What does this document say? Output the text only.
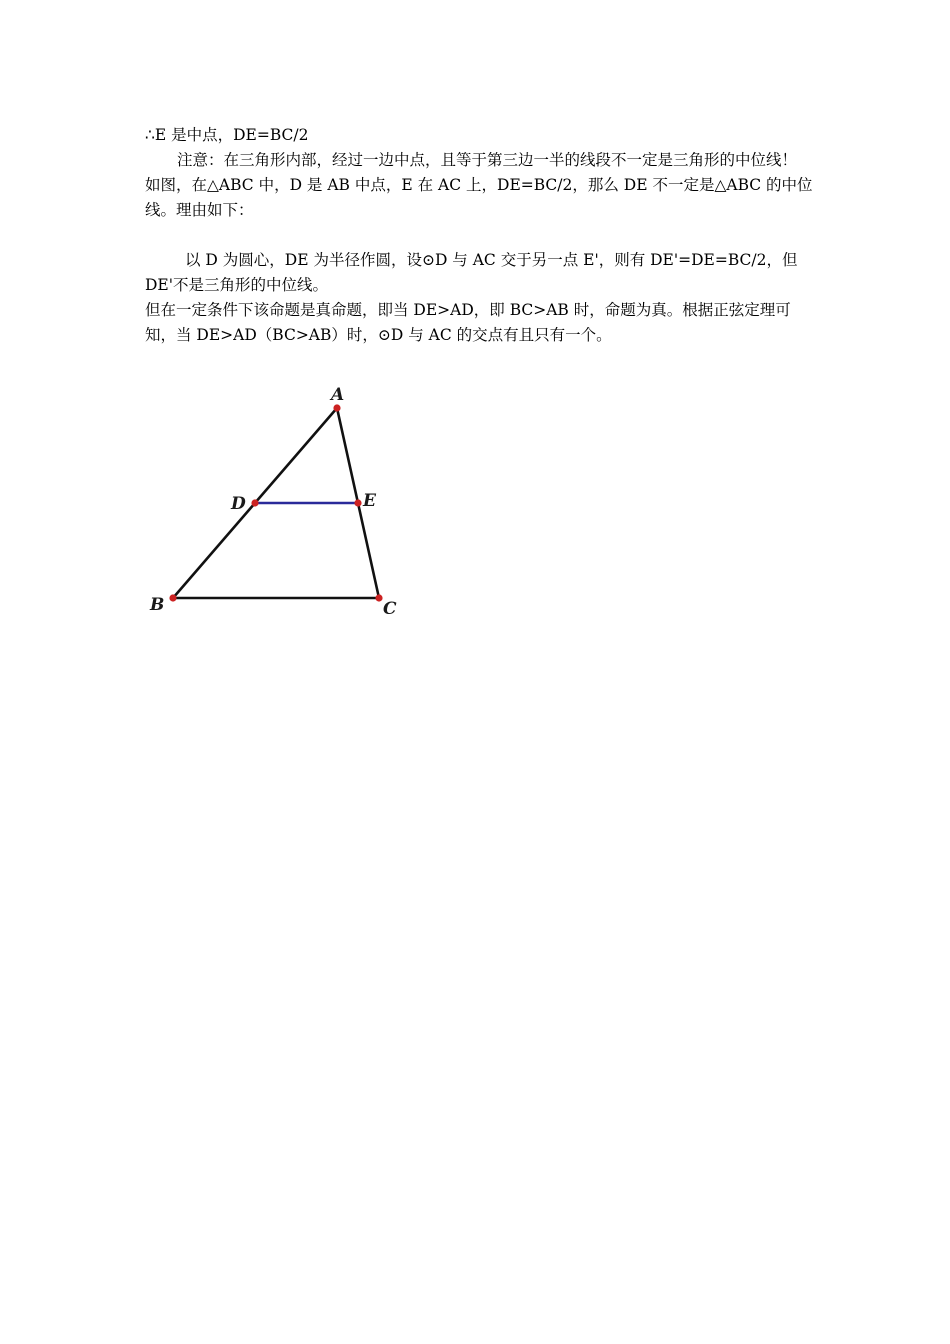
∴E 是中点，DE=BC/2

注意：在三角形内部，经过一边中点，且等于第三边一半的线段不一定是三角形的中位线！

如图，在△ABC 中，D 是 AB 中点，E 在 AC 上，DE=BC/2，那么 DE 不一定是△ABC 的中位线。理由如下：

以 D 为圆心，DE 为半径作圆，设⊙D 与 AC 交于另一点 E'，则有 DE'=DE=BC/2，但 DE'不是三角形的中位线。

但在一定条件下该命题是真命题，即当 DE>AD，即 BC>AB 时，命题为真。根据正弦定理可知，当 DE>AD（BC>AB）时，⊙D 与 AC 的交点有且只有一个。

A
B	C
D	E
